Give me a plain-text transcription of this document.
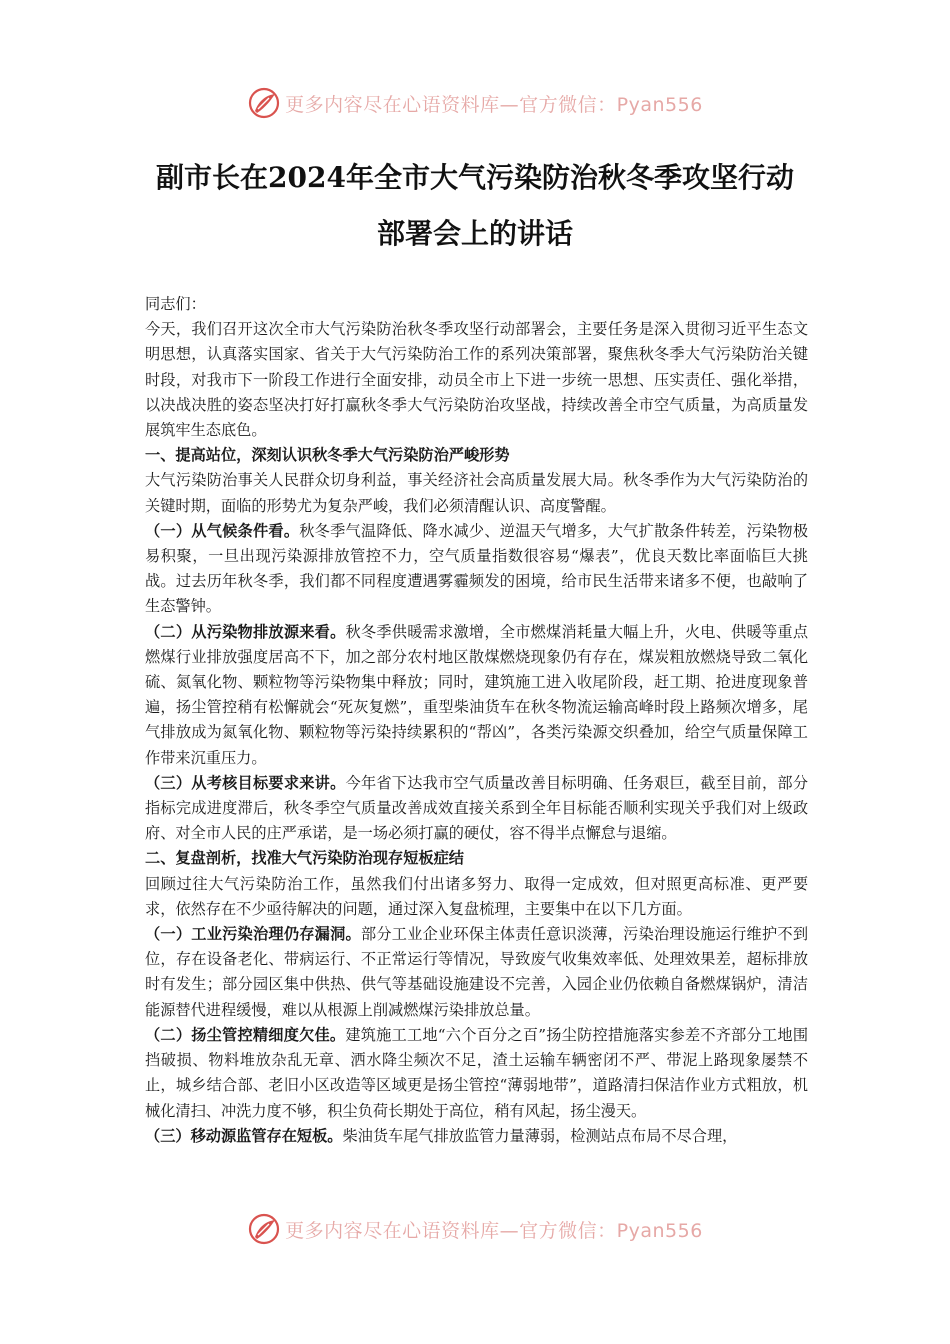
更多内容尽在心语资料库—官方微信：Pyan556
副市长在2024年全市大气污染防治秋冬季攻坚行动
部署会上的讲话

同志们：

今天，我们召开这次全市大气污染防治秋冬季攻坚行动部署会，主要任务是深入贯彻习近平生态文明思想，认真落实国家、省关于大气污染防治工作的系列决策部署，聚焦秋冬季大气污染防治关键时段，对我市下一阶段工作进行全面安排，动员全市上下进一步统一思想、压实责任、强化举措，以决战决胜的姿态坚决打好打赢秋冬季大气污染防治攻坚战，持续改善全市空气质量，为高质量发展筑牢生态底色。

一、提高站位，深刻认识秋冬季大气污染防治严峻形势

大气污染防治事关人民群众切身利益，事关经济社会高质量发展大局。秋冬季作为大气污染防治的关键时期，面临的形势尤为复杂严峻，我们必须清醒认识、高度警醒。

（一）从气候条件看。秋冬季气温降低、降水减少、逆温天气增多，大气扩散条件转差，污染物极易积聚，一旦出现污染源排放管控不力，空气质量指数很容易“爆表”，优良天数比率面临巨大挑战。过去历年秋冬季，我们都不同程度遭遇雾霾频发的困境，给市民生活带来诸多不便，也敲响了生态警钟。

（二）从污染物排放源来看。秋冬季供暖需求激增，全市燃煤消耗量大幅上升，火电、供暖等重点燃煤行业排放强度居高不下，加之部分农村地区散煤燃烧现象仍有存在，煤炭粗放燃烧导致二氧化硫、氮氧化物、颗粒物等污染物集中释放；同时，建筑施工进入收尾阶段，赶工期、抢进度现象普遍，扬尘管控稍有松懈就会“死灰复燃”，重型柴油货车在秋冬物流运输高峰时段上路频次增多，尾气排放成为氮氧化物、颗粒物等污染持续累积的“帮凶”，各类污染源交织叠加，给空气质量保障工作带来沉重压力。

（三）从考核目标要求来讲。今年省下达我市空气质量改善目标明确、任务艰巨，截至目前，部分指标完成进度滞后，秋冬季空气质量改善成效直接关系到全年目标能否顺利实现关乎我们对上级政府、对全市人民的庄严承诺，是一场必须打赢的硬仗，容不得半点懈怠与退缩。

二、复盘剖析，找准大气污染防治现存短板症结

回顾过往大气污染防治工作，虽然我们付出诸多努力、取得一定成效，但对照更高标准、更严要求，依然存在不少亟待解决的问题，通过深入复盘梳理，主要集中在以下几方面。

（一）工业污染治理仍存漏洞。部分工业企业环保主体责任意识淡薄，污染治理设施运行维护不到位，存在设备老化、带病运行、不正常运行等情况，导致废气收集效率低、处理效果差，超标排放时有发生；部分园区集中供热、供气等基础设施建设不完善，入园企业仍依赖自备燃煤锅炉，清洁能源替代进程缓慢，难以从根源上削减燃煤污染排放总量。

（二）扬尘管控精细度欠佳。建筑施工工地“六个百分之百”扬尘防控措施落实参差不齐部分工地围挡破损、物料堆放杂乱无章、洒水降尘频次不足，渣土运输车辆密闭不严、带泥上路现象屡禁不止，城乡结合部、老旧小区改造等区域更是扬尘管控“薄弱地带”，道路清扫保洁作业方式粗放，机械化清扫、冲洗力度不够，积尘负荷长期处于高位，稍有风起，扬尘漫天。

（三）移动源监管存在短板。柴油货车尾气排放监管力量薄弱，检测站点布局不尽合理，

更多内容尽在心语资料库—官方微信：Pyan556
